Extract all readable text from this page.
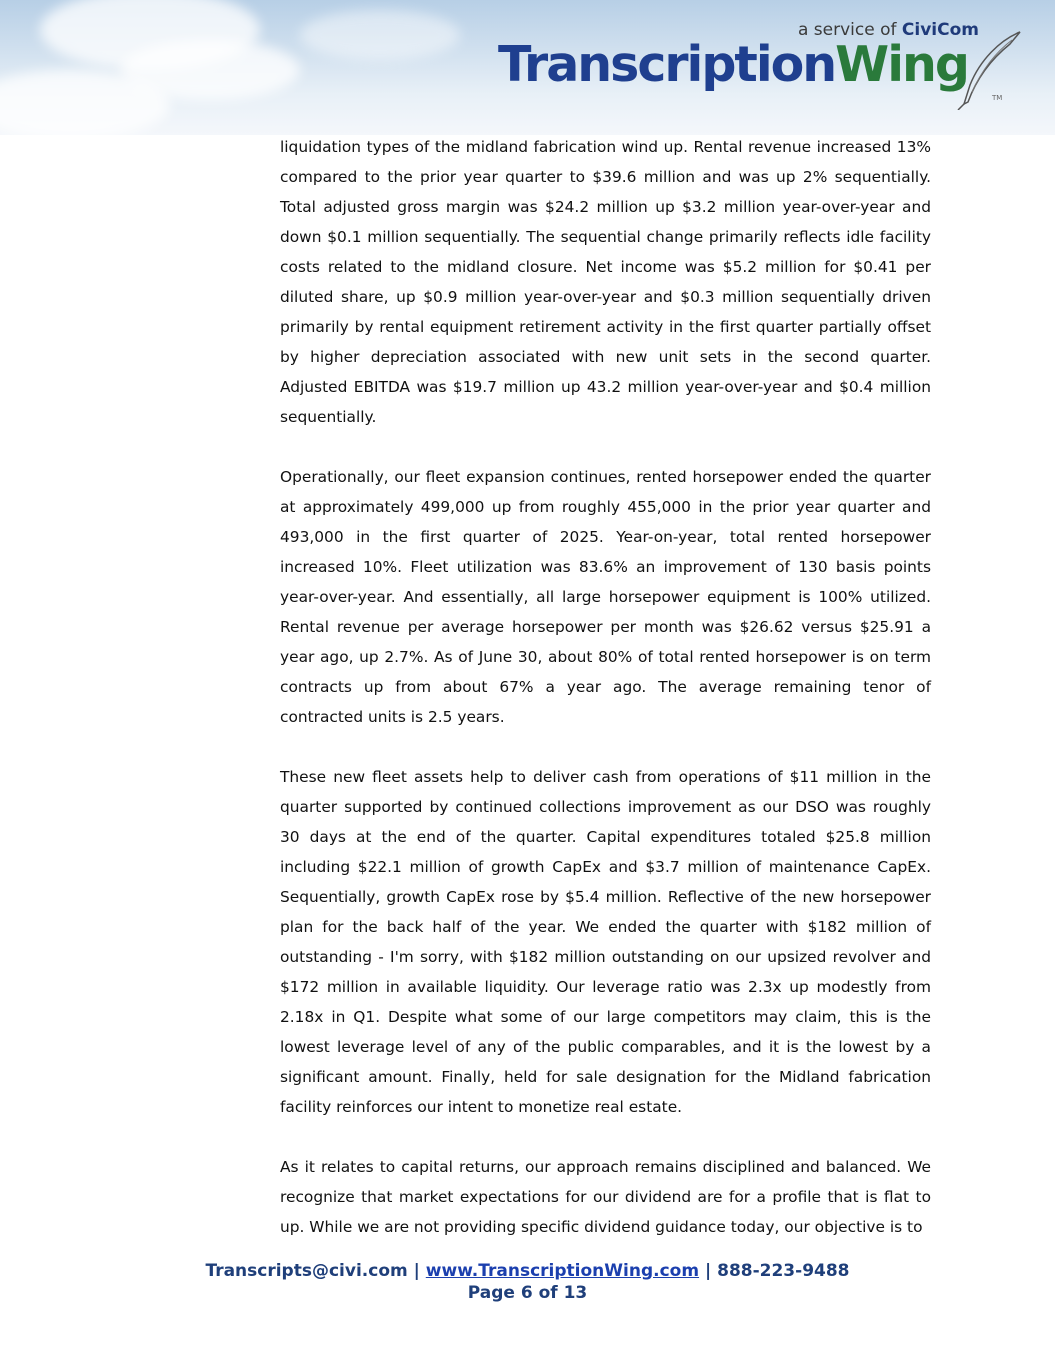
a service of CiviCom
TranscriptionWing
TM

liquidation types of the midland fabrication wind up. Rental revenue increased 13% compared to the prior year quarter to $39.6 million and was up 2% sequentially. Total adjusted gross margin was $24.2 million up $3.2 million year-over-year and down $0.1 million sequentially. The sequential change primarily reflects idle facility costs related to the midland closure. Net income was $5.2 million for $0.41 per diluted share, up $0.9 million year-over-year and $0.3 million sequentially driven primarily by rental equipment retirement activity in the first quarter partially offset by higher depreciation associated with new unit sets in the second quarter. Adjusted EBITDA was $19.7 million up 43.2 million year-over-year and $0.4 million sequentially.

Operationally, our fleet expansion continues, rented horsepower ended the quarter at approximately 499,000 up from roughly 455,000 in the prior year quarter and 493,000 in the first quarter of 2025. Year-on-year, total rented horsepower increased 10%. Fleet utilization was 83.6% an improvement of 130 basis points year-over-year. And essentially, all large horsepower equipment is 100% utilized. Rental revenue per average horsepower per month was $26.62 versus $25.91 a year ago, up 2.7%. As of June 30, about 80% of total rented horsepower is on term contracts up from about 67% a year ago. The average remaining tenor of contracted units is 2.5 years.

These new fleet assets help to deliver cash from operations of $11 million in the quarter supported by continued collections improvement as our DSO was roughly 30 days at the end of the quarter. Capital expenditures totaled $25.8 million including $22.1 million of growth CapEx and $3.7 million of maintenance CapEx. Sequentially, growth CapEx rose by $5.4 million. Reflective of the new horsepower plan for the back half of the year. We ended the quarter with $182 million of outstanding - I'm sorry, with $182 million outstanding on our upsized revolver and $172 million in available liquidity. Our leverage ratio was 2.3x up modestly from 2.18x in Q1. Despite what some of our large competitors may claim, this is the lowest leverage level of any of the public comparables, and it is the lowest by a significant amount. Finally, held for sale designation for the Midland fabrication facility reinforces our intent to monetize real estate.

As it relates to capital returns, our approach remains disciplined and balanced. We recognize that market expectations for our dividend are for a profile that is flat to up. While we are not providing specific dividend guidance today, our objective is to

Transcripts@civi.com | www.TranscriptionWing.com | 888-223-9488
Page 6 of 13
